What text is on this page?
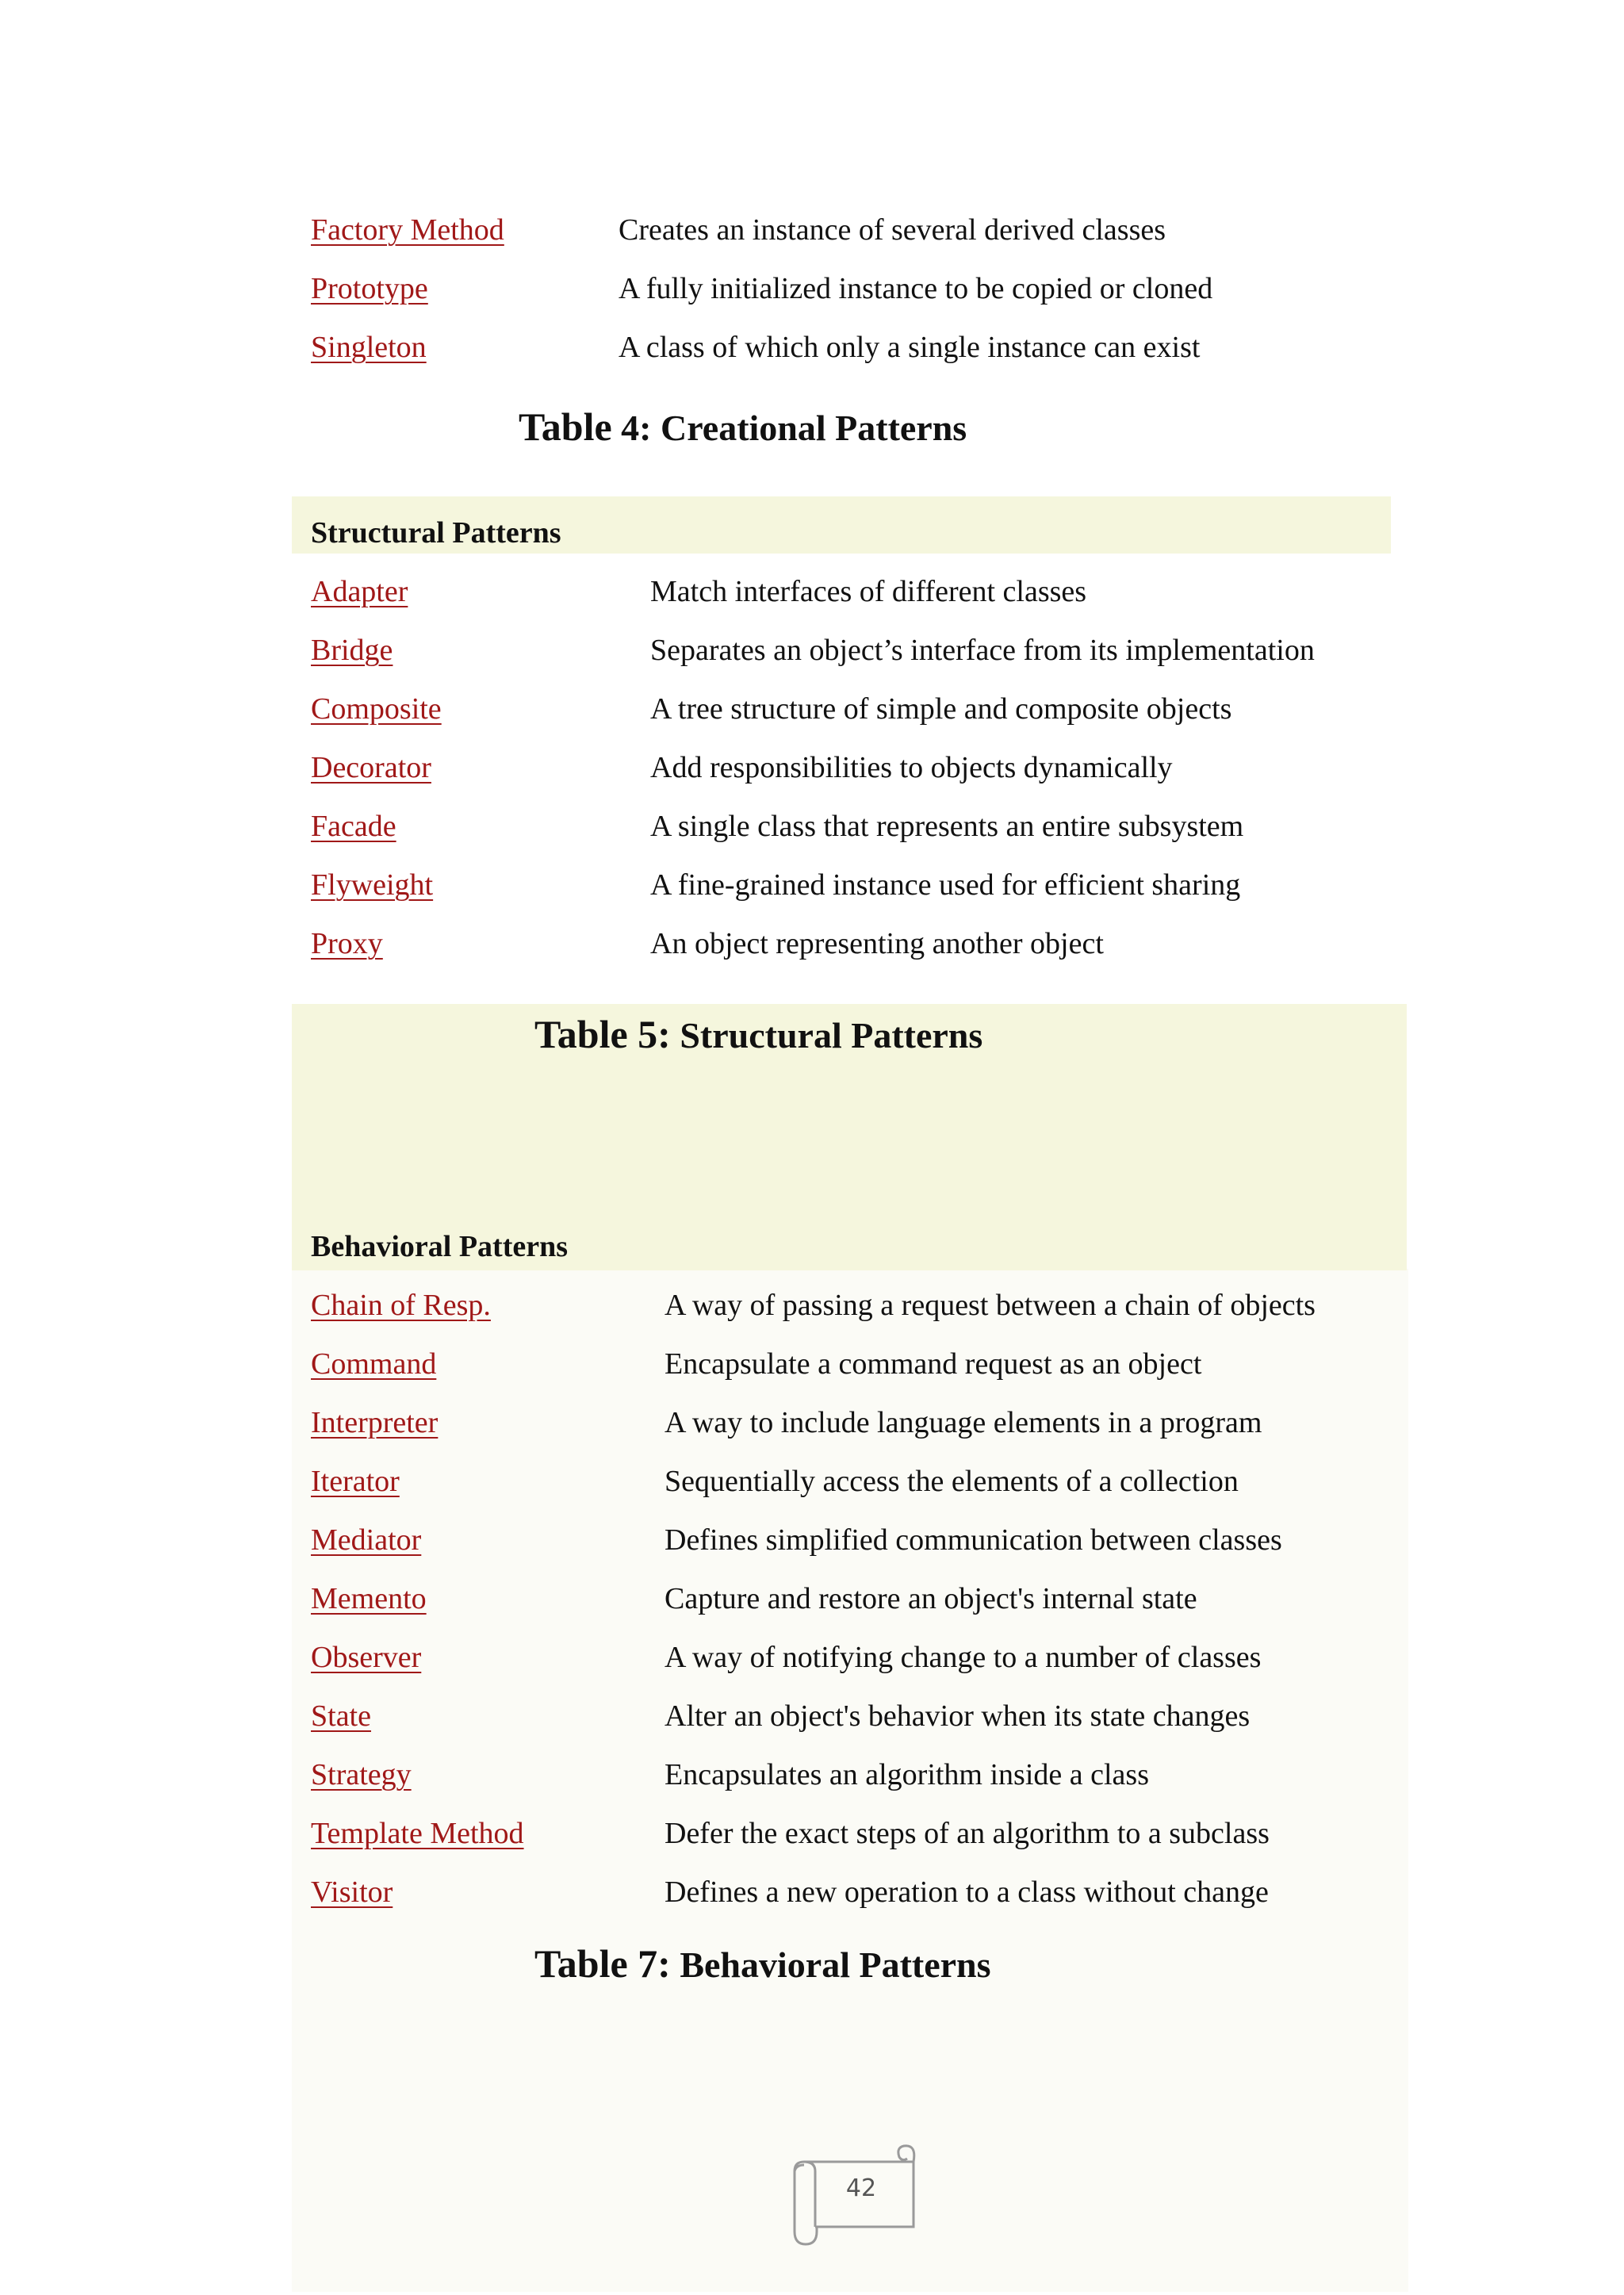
Factory Method	Creates an instance of several derived classes
Prototype	A fully initialized instance to be copied or cloned
Singleton	A class of which only a single instance can exist
Table 4: Creational Patterns
Structural Patterns
Adapter	Match interfaces of different classes
Bridge	Separates an object’s interface from its implementation
Composite	A tree structure of simple and composite objects
Decorator	Add responsibilities to objects dynamically
Facade	A single class that represents an entire subsystem
Flyweight	A fine-grained instance used for efficient sharing
Proxy	An object representing another object
Table 5: Structural Patterns
Behavioral Patterns
Chain of Resp.	A way of passing a request between a chain of objects
Command	Encapsulate a command request as an object
Interpreter	A way to include language elements in a program
Iterator	Sequentially access the elements of a collection
Mediator	Defines simplified communication between classes
Memento	Capture and restore an object's internal state
Observer	A way of notifying change to a number of classes
State	Alter an object's behavior when its state changes
Strategy	Encapsulates an algorithm inside a class
Template Method	Defer the exact steps of an algorithm to a subclass
Visitor	Defines a new operation to a class without change
Table 7: Behavioral Patterns
42
